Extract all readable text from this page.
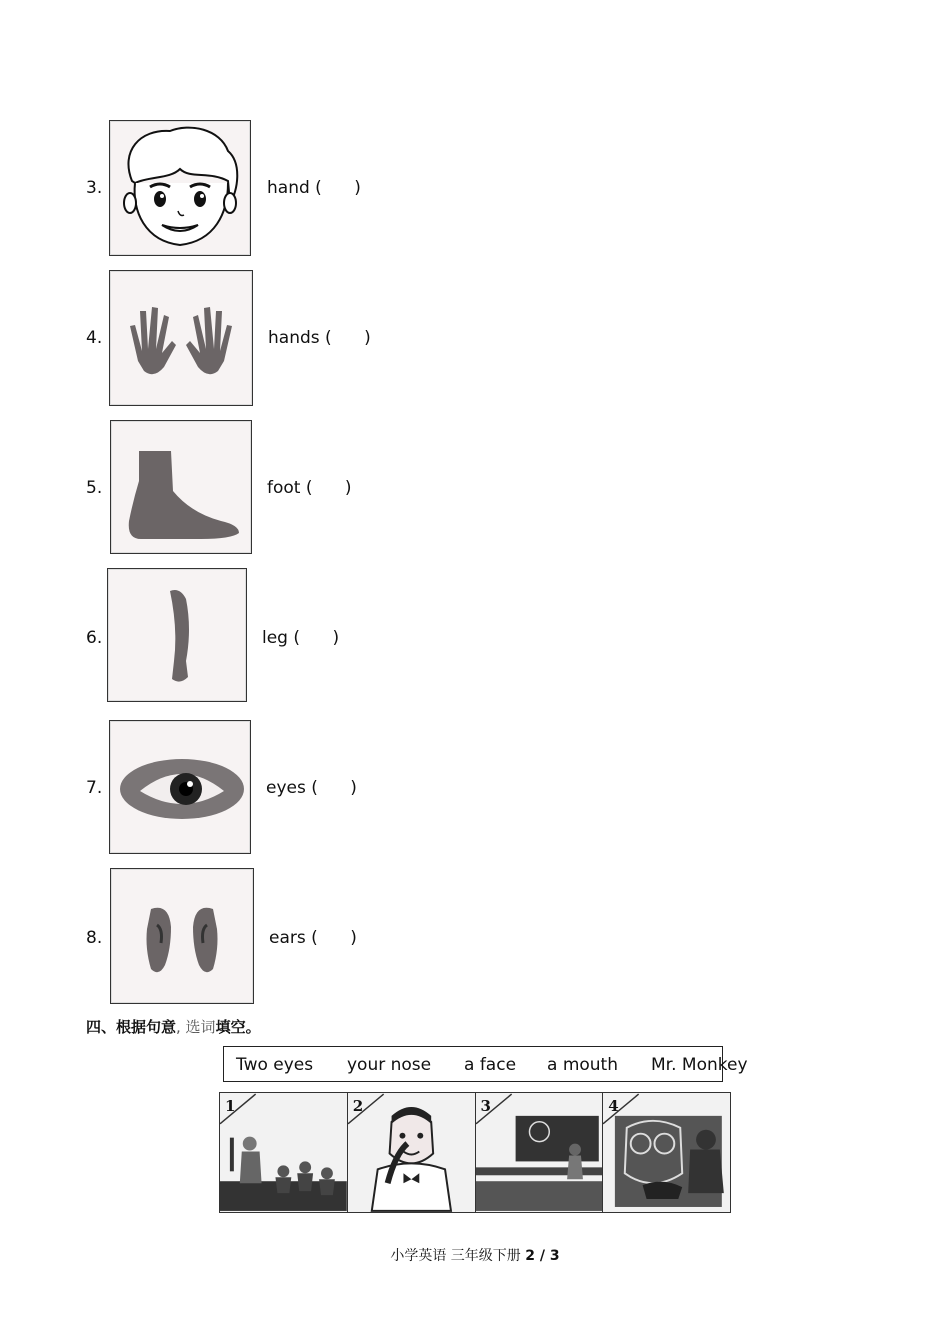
3.	hand (      )
4.	hands (      )
5.	foot (      )
6.	leg (      )
7.	eyes (      )
8.	ears (      )
四、根据句意, 选词填空。
Two eyes your nose a face a mouth Mr. Monkey
1	2	3	4
小学英语 三年级下册 2 / 3
